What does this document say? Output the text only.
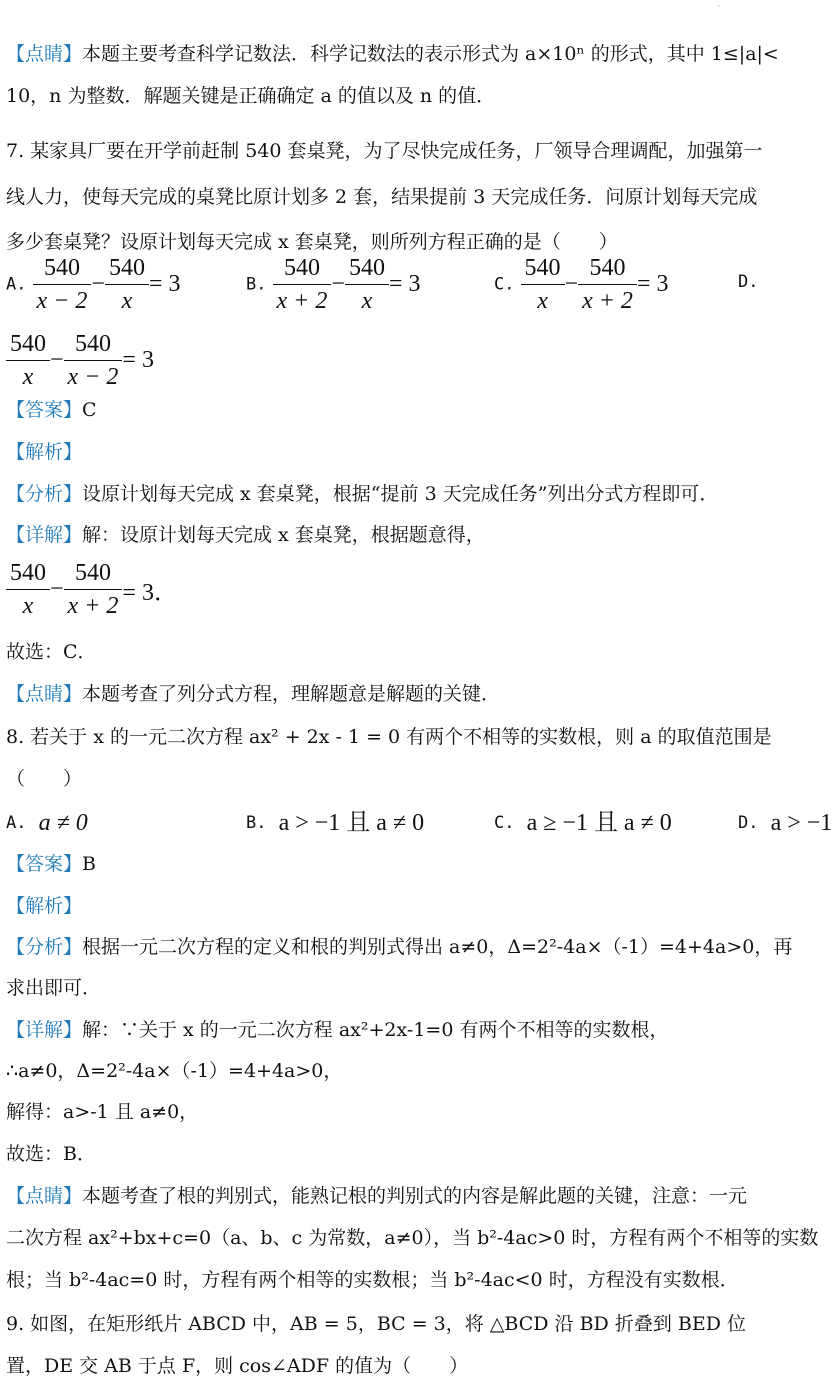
·
【点睛】本题主要考查科学记数法．科学记数法的表示形式为 a×10ⁿ 的形式，其中 1≤|a|<
10，n 为整数．解题关键是正确确定 a 的值以及 n 的值．
7. 某家具厂要在开学前赶制 540 套桌凳，为了尽快完成任务，厂领导合理调配，加强第一
线人力，使每天完成的桌凳比原计划多 2 套，结果提前 3 天完成任务．问原计划每天完成
多少套桌凳？设原计划每天完成 x 套桌凳，则所列方程正确的是（　　）
A. $\frac{540}{x - 2} - \frac{540}{x} = 3$	B. $\frac{540}{x + 2} - \frac{540}{x} = 3$	C. $\frac{540}{x} - \frac{540}{x + 2} = 3$	D.
$\frac{540}{x} - \frac{540}{x - 2} = 3$
【答案】C
【解析】
【分析】设原计划每天完成 x 套桌凳，根据“提前 3 天完成任务”列出分式方程即可．
【详解】解：设原计划每天完成 x 套桌凳，根据题意得，
$\frac{540}{x} - \frac{540}{x + 2} = 3$．
故选：C．
【点睛】本题考查了列分式方程，理解题意是解题的关键．
8. 若关于 x 的一元二次方程 ax² + 2x - 1 = 0 有两个不相等的实数根，则 a 的取值范围是
（　　）
A. a ≠ 0	B. a > −1 且 a ≠ 0	C. a ≥ −1 且 a ≠ 0	D. a > −1
【答案】B
【解析】
【分析】根据一元二次方程的定义和根的判别式得出 a≠0，Δ=2²-4a×（-1）=4+4a>0，再
求出即可．
【详解】解：∵关于 x 的一元二次方程 ax²+2x-1=0 有两个不相等的实数根，
∴a≠0，Δ=2²-4a×（-1）=4+4a>0，
解得：a>-1 且 a≠0，
故选：B．
【点睛】本题考查了根的判别式，能熟记根的判别式的内容是解此题的关键，注意：一元
二次方程 ax²+bx+c=0（a、b、c 为常数，a≠0），当 b²-4ac>0 时，方程有两个不相等的实数
根；当 b²-4ac=0 时，方程有两个相等的实数根；当 b²-4ac<0 时，方程没有实数根．
9. 如图，在矩形纸片 ABCD 中，AB = 5，BC = 3，将 △BCD 沿 BD 折叠到 BED 位
置，DE 交 AB 于点 F，则 cos∠ADF 的值为（　　）
